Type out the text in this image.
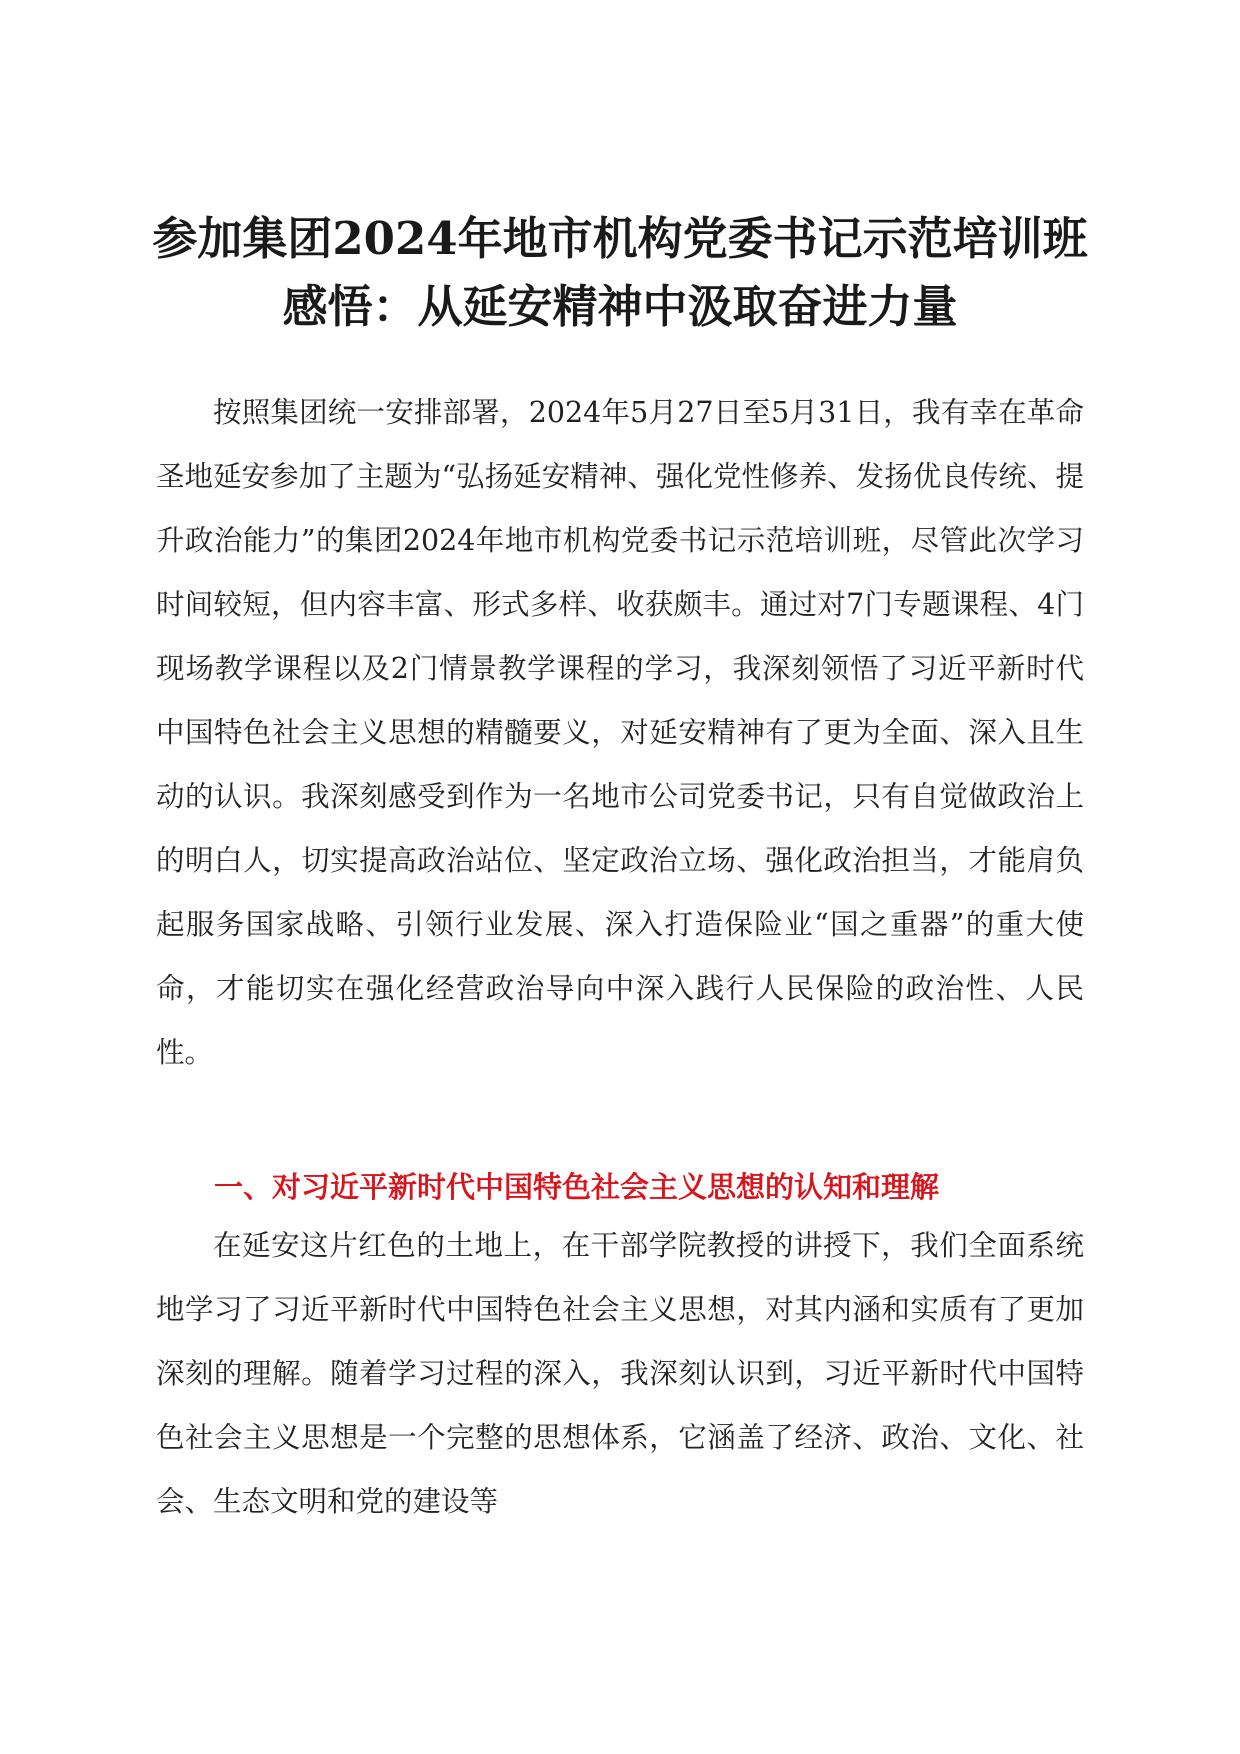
参加集团2024年地市机构党委书记示范培训班
感悟：从延安精神中汲取奋进力量

按照集团统一安排部署，2024年5月27日至5月31日，我有幸在革命圣地延安参加了主题为“弘扬延安精神、强化党性修养、发扬优良传统、提升政治能力”的集团2024年地市机构党委书记示范培训班，尽管此次学习时间较短，但内容丰富、形式多样、收获颇丰。通过对7门专题课程、4门现场教学课程以及2门情景教学课程的学习，我深刻领悟了习近平新时代中国特色社会主义思想的精髓要义，对延安精神有了更为全面、深入且生动的认识。我深刻感受到作为一名地市公司党委书记，只有自觉做政治上的明白人，切实提高政治站位、坚定政治立场、强化政治担当，才能肩负起服务国家战略、引领行业发展、深入打造保险业“国之重器”的重大使命，才能切实在强化经营政治导向中深入践行人民保险的政治性、人民性。

一、对习近平新时代中国特色社会主义思想的认知和理解

在延安这片红色的土地上，在干部学院教授的讲授下，我们全面系统地学习了习近平新时代中国特色社会主义思想，对其内涵和实质有了更加深刻的理解。随着学习过程的深入，我深刻认识到，习近平新时代中国特色社会主义思想是一个完整的思想体系，它涵盖了经济、政治、文化、社会、生态文明和党的建设等
